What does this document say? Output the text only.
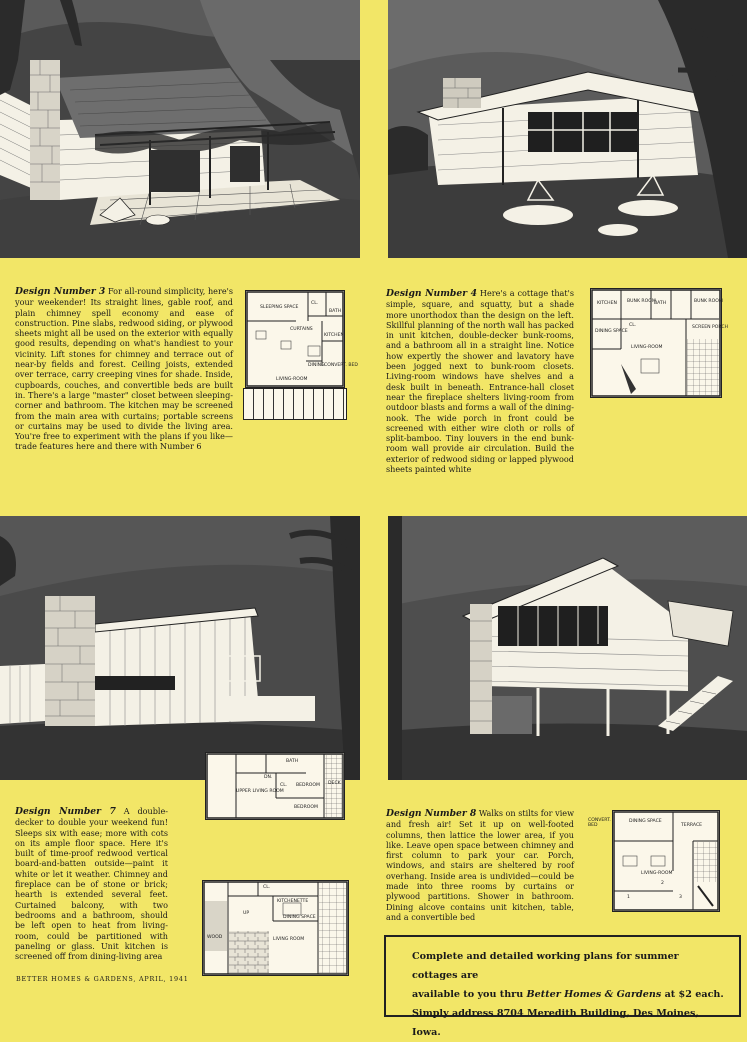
Design Number 3 For all-round simplicity, here's your weekender! Its straight lines, gable roof, and plain chimney spell economy and ease of construction. Pine slabs, redwood siding, or plywood sheets might all be used on the exterior with equally good results, depending on what's handiest to your vicinity. Lift stones for chimney and terrace out of near-by fields and forest. Ceiling joists, extended over terrace, carry creeping vines for shade. Inside, cupboards, couches, and convertible beds are built in. There's a large "master" closet between sleeping-corner and bathroom. The kitchen may be screened from the main area with curtains; portable screens or curtains may be used to divide the living area. You're free to experiment with the plans if you like—trade features here and there with Number 6
SLEEPING SPACE
CL.
BATH
CURTAINS
KITCHEN
DINING CONVERT. BED
LIVING-ROOM
Design Number 4 Here's a cottage that's simple, square, and squatty, but a shade more unorthodox than the design on the left. Skillful planning of the north wall has packed in unit kitchen, double-decker bunk-rooms, and a bathroom all in a straight line. Notice how expertly the shower and lavatory have been jogged next to bunk-room closets. Living-room windows have shelves and a desk built in beneath. Entrance-hall closet near the fireplace shelters living-room from outdoor blasts and forms a wall of the dining-nook. The wide porch in front could be screened with either wire cloth or rolls of split-bamboo. Tiny louvers in the end bunk-room wall provide air circulation. Build the exterior of redwood siding or lapped plywood sheets painted white
KITCHEN BUNK ROOM
BATH	BUNK ROOM
DINING SPACE
CL.
LIVING-ROOM
SCREEN PORCH
BATH
DN.
UPPER LIVING ROOM
CL. BEDROOM DECK
BEDROOM
Design Number 7 A double-decker to double your weekend fun! Sleeps six with ease; more with cots on its ample floor space. Here it's built of time-proof redwood vertical board-and-batten outside—paint it white or let it weather. Chimney and fireplace can be of stone or brick; hearth is extended several feet. Curtained balcony, with two bedrooms and a bathroom, should be left open to heat from living-room, could be partitioned with paneling or glass. Unit kitchen is screened off from dining-living area
CL.
KITCHENETTE
DINING SPACE
WOOD	LIVING ROOM
UP
Design Number 8 Walks on stilts for view and fresh air! Set it up on well-footed columns, then lattice the lower area, if you like. Leave open space between chimney and first column to park your car. Porch, windows, and stairs are sheltered by roof overhang. Inside area is undivided—could be made into three rooms by curtains or plywood partitions. Shower in bathroom. Dining alcove contains unit kitchen, table, and a convertible bed
DINING SPACE
TERRACE
LIVING-ROOM
1
2
3
CONVERT. BED
BETTER HOMES & GARDENS, APRIL, 1941
Complete and detailed working plans for summer cottages are
available to you thru Better Homes & Gardens at $2 each.
Simply address 8704 Meredith Building, Des Moines, Iowa.
